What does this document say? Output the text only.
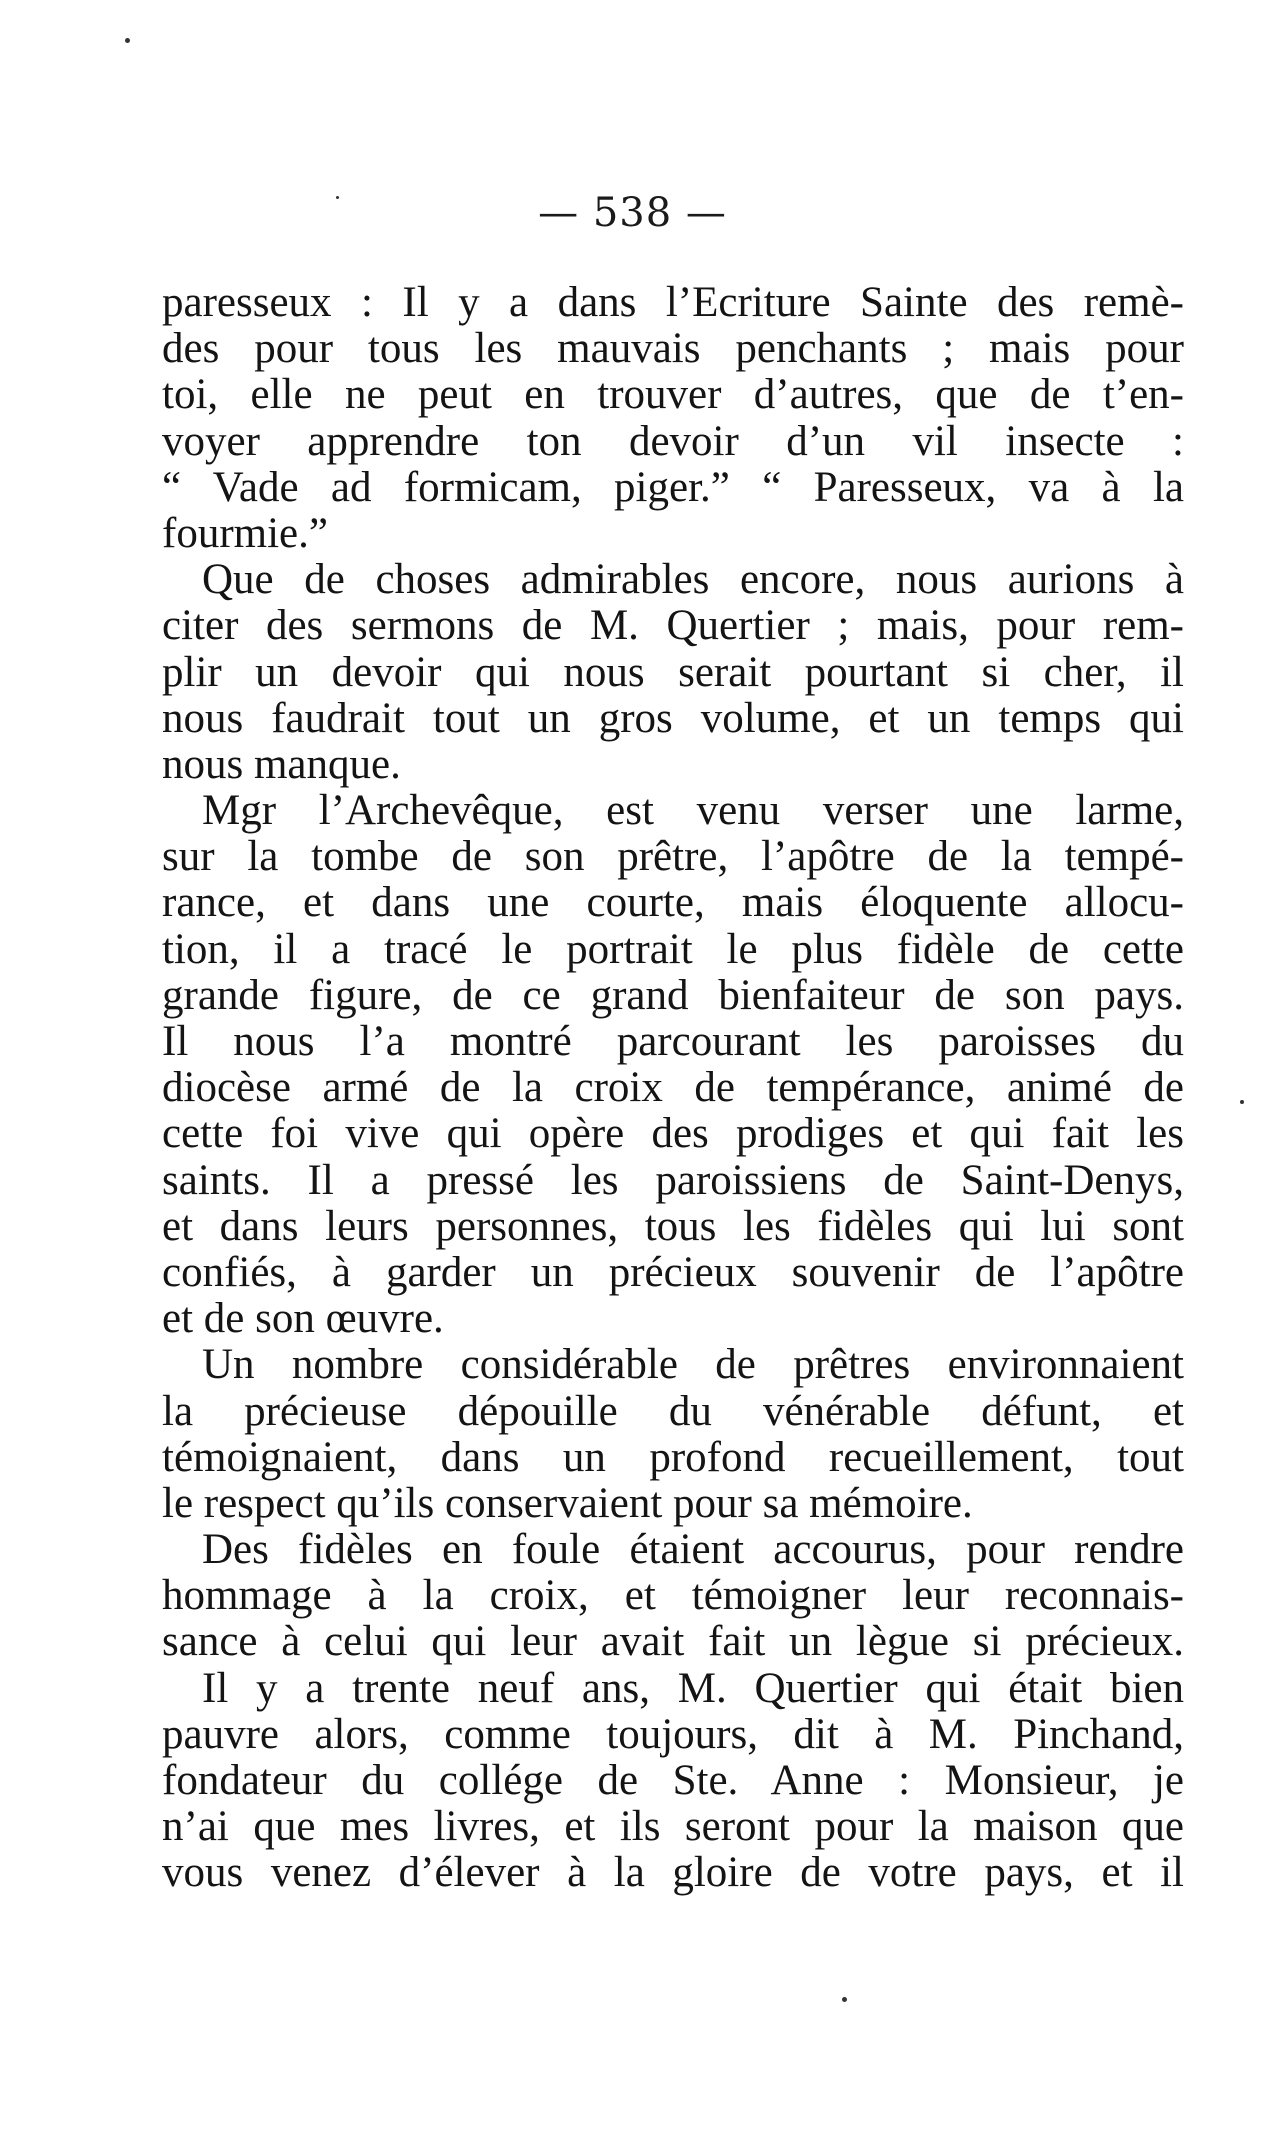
— 538 —
paresseux : Il y a dans l’Ecriture Sainte des remè-
des pour tous les mauvais penchants ; mais pour
toi, elle ne peut en trouver d’autres, que de t’en-
voyer apprendre ton devoir d’un vil insecte :
“ Vade ad formicam, piger.” “ Paresseux, va à la
fourmie.”
Que de choses admirables encore, nous aurions à
citer des sermons de M. Quertier ; mais, pour rem-
plir un devoir qui nous serait pourtant si cher, il
nous faudrait tout un gros volume, et un temps qui
nous manque.
Mgr l’Archevêque, est venu verser une larme,
sur la tombe de son prêtre, l’apôtre de la tempé-
rance, et dans une courte, mais éloquente allocu-
tion, il a tracé le portrait le plus fidèle de cette
grande figure, de ce grand bienfaiteur de son pays.
Il nous l’a montré parcourant les paroisses du
diocèse armé de la croix de tempérance, animé de
cette foi vive qui opère des prodiges et qui fait les
saints. Il a pressé les paroissiens de Saint-Denys,
et dans leurs personnes, tous les fidèles qui lui sont
confiés, à garder un précieux souvenir de l’apôtre
et de son œuvre.
Un nombre considérable de prêtres environnaient
la précieuse dépouille du vénérable défunt, et
témoignaient, dans un profond recueillement, tout
le respect qu’ils conservaient pour sa mémoire.
Des fidèles en foule étaient accourus, pour rendre
hommage à la croix, et témoigner leur reconnais-
sance à celui qui leur avait fait un lègue si précieux.
Il y a trente neuf ans, M. Quertier qui était bien
pauvre alors, comme toujours, dit à M. Pinchand,
fondateur du collége de Ste. Anne : Monsieur, je
n’ai que mes livres, et ils seront pour la maison que
vous venez d’élever à la gloire de votre pays, et il
